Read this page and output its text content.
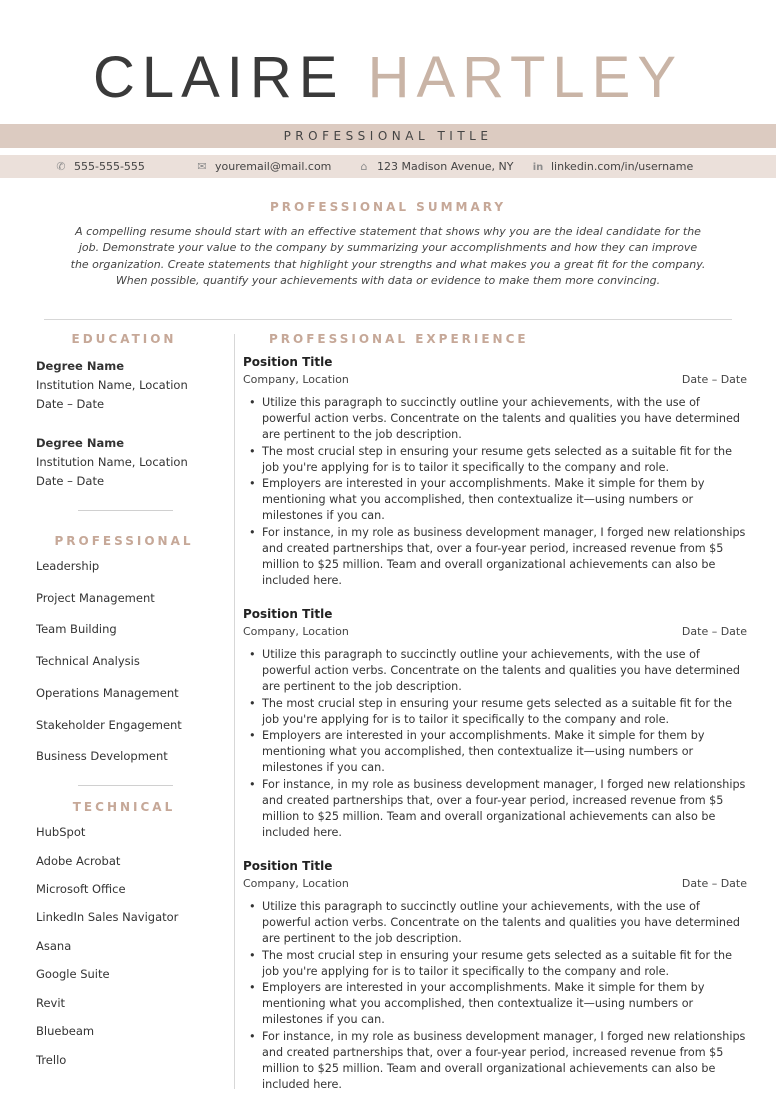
CLAIRE HARTLEY
PROFESSIONAL TITLE
✆ 555-555-555	✉ youremail@mail.com	⌂ 123 Madison Avenue, NY in linkedin.com/in/username
PROFESSIONAL SUMMARY
A compelling resume should start with an effective statement that shows why you are the ideal candidate for the job. Demonstrate your value to the company by summarizing your accomplishments and how they can improve the organization. Create statements that highlight your strengths and what makes you a great fit for the company. When possible, quantify your achievements with data or evidence to make them more convincing.
EDUCATION
Degree Name
Institution Name, Location
Date – Date
Degree Name
Institution Name, Location
Date – Date
PROFESSIONAL
Leadership
Project Management
Team Building
Technical Analysis
Operations Management
Stakeholder Engagement
Business Development
TECHNICAL
HubSpot
Adobe Acrobat
Microsoft Office
LinkedIn Sales Navigator
Asana
Google Suite
Revit
Bluebeam
Trello
PROFESSIONAL EXPERIENCE
Position Title
Company, Location	Date – Date
• Utilize this paragraph to succinctly outline your achievements, with the use of powerful action verbs. Concentrate on the talents and qualities you have determined are pertinent to the job description.
• The most crucial step in ensuring your resume gets selected as a suitable fit for the job you're applying for is to tailor it specifically to the company and role.
• Employers are interested in your accomplishments. Make it simple for them by mentioning what you accomplished, then contextualize it—using numbers or milestones if you can.
• For instance, in my role as business development manager, I forged new relationships and created partnerships that, over a four-year period, increased revenue from $5 million to $25 million. Team and overall organizational achievements can also be included here.
Position Title
Company, Location	Date – Date
• Utilize this paragraph to succinctly outline your achievements, with the use of powerful action verbs. Concentrate on the talents and qualities you have determined are pertinent to the job description.
• The most crucial step in ensuring your resume gets selected as a suitable fit for the job you're applying for is to tailor it specifically to the company and role.
• Employers are interested in your accomplishments. Make it simple for them by mentioning what you accomplished, then contextualize it—using numbers or milestones if you can.
• For instance, in my role as business development manager, I forged new relationships and created partnerships that, over a four-year period, increased revenue from $5 million to $25 million. Team and overall organizational achievements can also be included here.
Position Title
Company, Location	Date – Date
• Utilize this paragraph to succinctly outline your achievements, with the use of powerful action verbs. Concentrate on the talents and qualities you have determined are pertinent to the job description.
• The most crucial step in ensuring your resume gets selected as a suitable fit for the job you're applying for is to tailor it specifically to the company and role.
• Employers are interested in your accomplishments. Make it simple for them by mentioning what you accomplished, then contextualize it—using numbers or milestones if you can.
• For instance, in my role as business development manager, I forged new relationships and created partnerships that, over a four-year period, increased revenue from $5 million to $25 million. Team and overall organizational achievements can also be included here.
